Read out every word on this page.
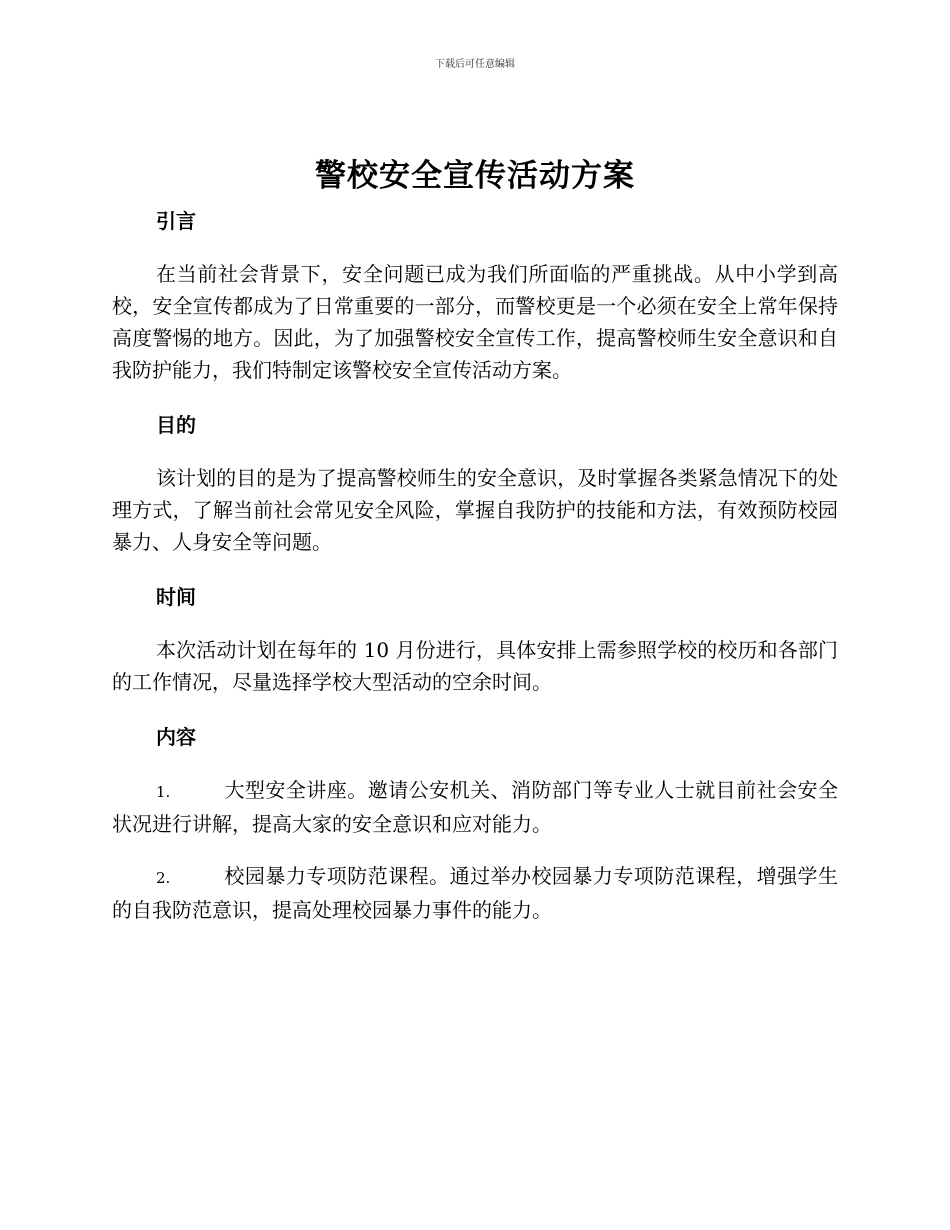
下载后可任意编辑
警校安全宣传活动方案
引言

在当前社会背景下，安全问题已成为我们所面临的严重挑战。从中小学到高校，安全宣传都成为了日常重要的一部分，而警校更是一个必须在安全上常年保持高度警惕的地方。因此，为了加强警校安全宣传工作，提高警校师生安全意识和自我防护能力，我们特制定该警校安全宣传活动方案。

目的

该计划的目的是为了提高警校师生的安全意识，及时掌握各类紧急情况下的处理方式，了解当前社会常见安全风险，掌握自我防护的技能和方法，有效预防校园暴力、人身安全等问题。

时间

本次活动计划在每年的 10 月份进行，具体安排上需参照学校的校历和各部门的工作情况，尽量选择学校大型活动的空余时间。

内容

1.	大型安全讲座。邀请公安机关、消防部门等专业人士就目前社会安全状况进行讲解，提高大家的安全意识和应对能力。

2.	校园暴力专项防范课程。通过举办校园暴力专项防范课程，增强学生的自我防范意识，提高处理校园暴力事件的能力。
